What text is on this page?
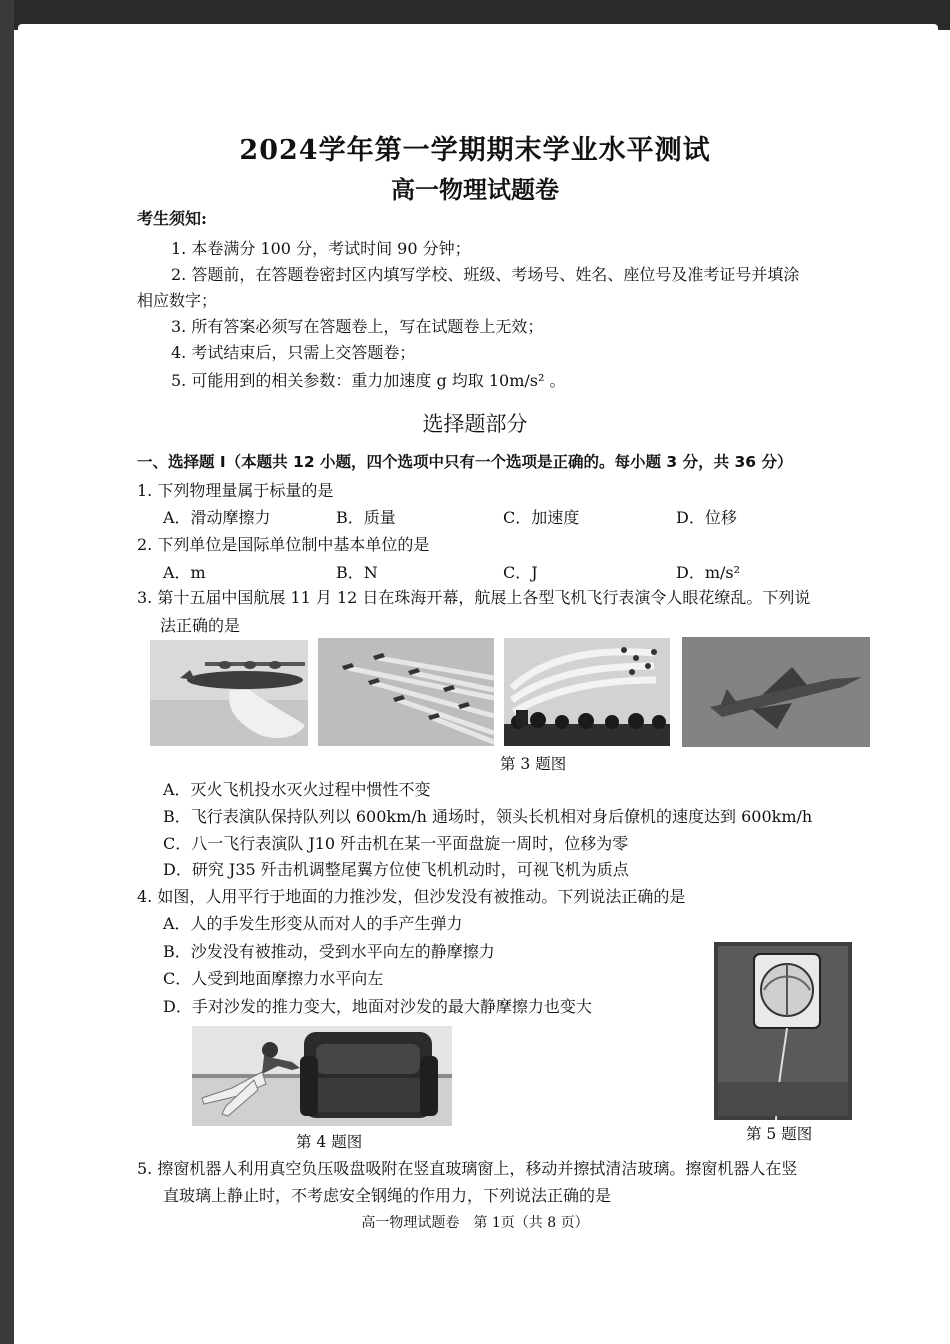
2024学年第一学期期末学业水平测试
高一物理试题卷
考生须知:
1. 本卷满分 100 分，考试时间 90 分钟；
2. 答题前，在答题卷密封区内填写学校、班级、考场号、姓名、座位号及准考证号并填涂
相应数字；
3. 所有答案必须写在答题卷上，写在试题卷上无效；
4. 考试结束后，只需上交答题卷；
5. 可能用到的相关参数：重力加速度 g 均取 10m/s² 。
选择题部分
一、选择题 I（本题共 12 小题，四个选项中只有一个选项是正确的。每小题 3 分，共 36 分）
1. 下列物理量属于标量的是
A．滑动摩擦力	B．质量	C．加速度	D．位移
2. 下列单位是国际单位制中基本单位的是
A．m	B．N	C．J	D．m/s²
3. 第十五届中国航展 11 月 12 日在珠海开幕，航展上各型飞机飞行表演令人眼花缭乱。下列说
法正确的是
第 3 题图
A．灭火飞机投水灭火过程中惯性不变
B．飞行表演队保持队列以 600km/h 通场时，领头长机相对身后僚机的速度达到 600km/h
C．八一飞行表演队 J10 歼击机在某一平面盘旋一周时，位移为零
D．研究 J35 歼击机调整尾翼方位使飞机机动时，可视飞机为质点
4. 如图，人用平行于地面的力推沙发，但沙发没有被推动。下列说法正确的是
A．人的手发生形变从而对人的手产生弹力
B．沙发没有被推动，受到水平向左的静摩擦力
C．人受到地面摩擦力水平向左
D．手对沙发的推力变大，地面对沙发的最大静摩擦力也变大
第 4 题图	第 5 题图
5. 擦窗机器人利用真空负压吸盘吸附在竖直玻璃窗上，移动并擦拭清洁玻璃。擦窗机器人在竖
直玻璃上静止时，不考虑安全钢绳的作用力，下列说法正确的是
高一物理试题卷　第 1页（共 8 页）
